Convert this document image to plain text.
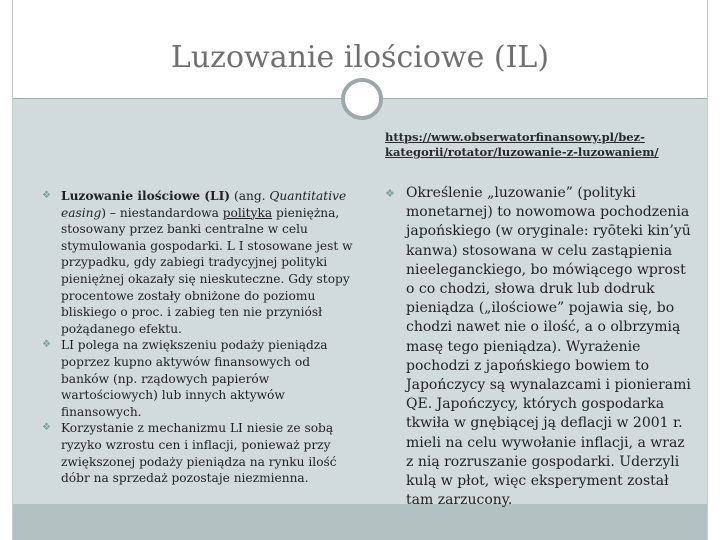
Luzowanie ilościowe (IL)
https://www.obserwatorfinansowy.pl/bez-kategorii/rotator/luzowanie-z-luzowaniem/
❖ Luzowanie ilościowe (LI) (ang. Quantitative easing) – niestandardowa polityka pieniężna, stosowany przez banki centralne w celu stymulowania gospodarki. L I stosowane jest w przypadku, gdy zabiegi tradycyjnej polityki pieniężnej okazały się nieskuteczne. Gdy stopy procentowe zostały obniżone do poziomu bliskiego o proc. i zabieg ten nie przyniósł pożądanego efektu.
❖ LI polega na zwiększeniu podaży pieniądza poprzez kupno aktywów finansowych od banków (np. rządowych papierów wartościowych) lub innych aktywów finansowych.
❖ Korzystanie z mechanizmu LI niesie ze sobą ryzyko wzrostu cen i inflacji, ponieważ przy zwiększonej podaży pieniądza na rynku ilość dóbr na sprzedaż pozostaje niezmienna.
❖ Określenie „luzowanie” (polityki monetarnej) to nowomowa pochodzenia japońskiego (w oryginale: ryōteki kin’yū kanwa) stosowana w celu zastąpienia nieeleganckiego, bo mówiącego wprost o co chodzi, słowa druk lub dodruk pieniądza („ilościowe” pojawia się, bo chodzi nawet nie o ilość, a o olbrzymią masę tego pieniądza). Wyrażenie pochodzi z japońskiego bowiem to Japończycy są wynalazcami i pionierami QE. Japończycy, których gospodarka tkwiła w gnębiącej ją deflacji w 2001 r. mieli na celu wywołanie inflacji, a wraz z nią rozruszanie gospodarki. Uderzyli kulą w płot, więc eksperyment został tam zarzucony.
